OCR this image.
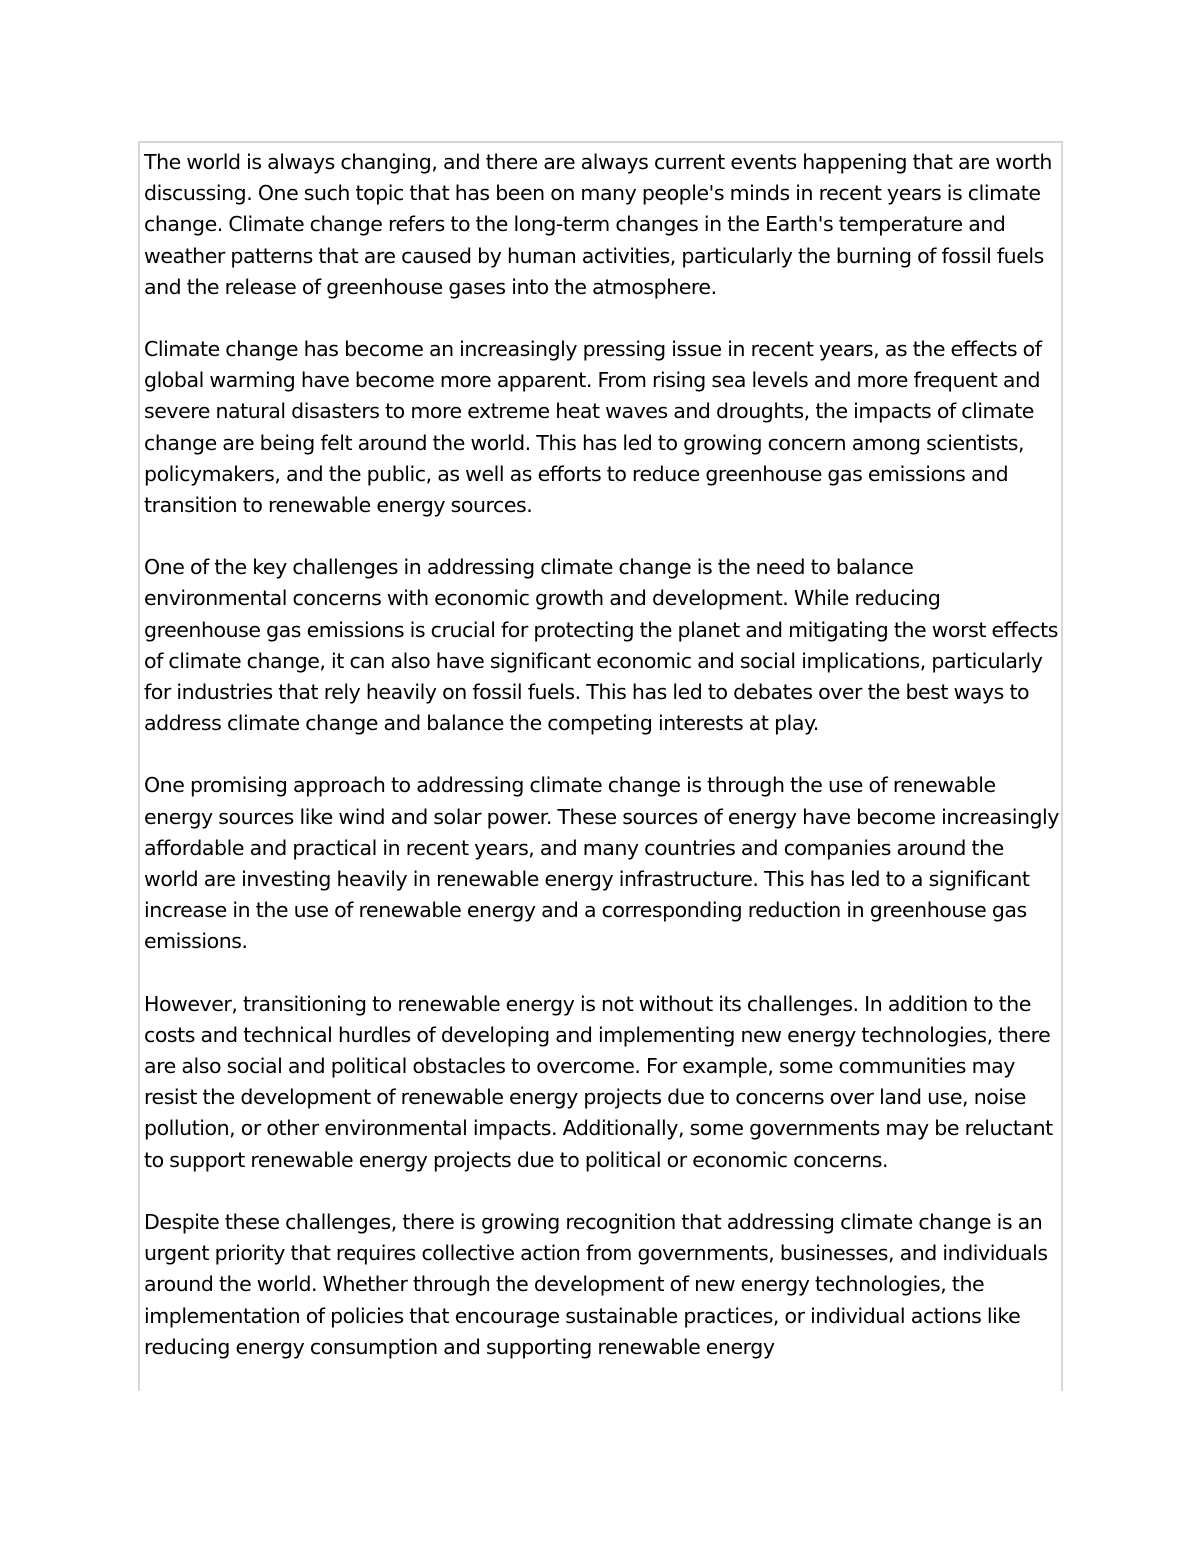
The world is always changing, and there are always current events happening that are worth discussing. One such topic that has been on many people's minds in recent years is climate change. Climate change refers to the long-term changes in the Earth's temperature and weather patterns that are caused by human activities, particularly the burning of fossil fuels and the release of greenhouse gases into the atmosphere.

Climate change has become an increasingly pressing issue in recent years, as the effects of global warming have become more apparent. From rising sea levels and more frequent and severe natural disasters to more extreme heat waves and droughts, the impacts of climate change are being felt around the world. This has led to growing concern among scientists, policymakers, and the public, as well as efforts to reduce greenhouse gas emissions and transition to renewable energy sources.

One of the key challenges in addressing climate change is the need to balance environmental concerns with economic growth and development. While reducing greenhouse gas emissions is crucial for protecting the planet and mitigating the worst effects of climate change, it can also have significant economic and social implications, particularly for industries that rely heavily on fossil fuels. This has led to debates over the best ways to address climate change and balance the competing interests at play.

One promising approach to addressing climate change is through the use of renewable energy sources like wind and solar power. These sources of energy have become increasingly affordable and practical in recent years, and many countries and companies around the world are investing heavily in renewable energy infrastructure. This has led to a significant increase in the use of renewable energy and a corresponding reduction in greenhouse gas emissions.

However, transitioning to renewable energy is not without its challenges. In addition to the costs and technical hurdles of developing and implementing new energy technologies, there are also social and political obstacles to overcome. For example, some communities may resist the development of renewable energy projects due to concerns over land use, noise pollution, or other environmental impacts. Additionally, some governments may be reluctant to support renewable energy projects due to political or economic concerns.

Despite these challenges, there is growing recognition that addressing climate change is an urgent priority that requires collective action from governments, businesses, and individuals around the world. Whether through the development of new energy technologies, the implementation of policies that encourage sustainable practices, or individual actions like reducing energy consumption and supporting renewable energy
